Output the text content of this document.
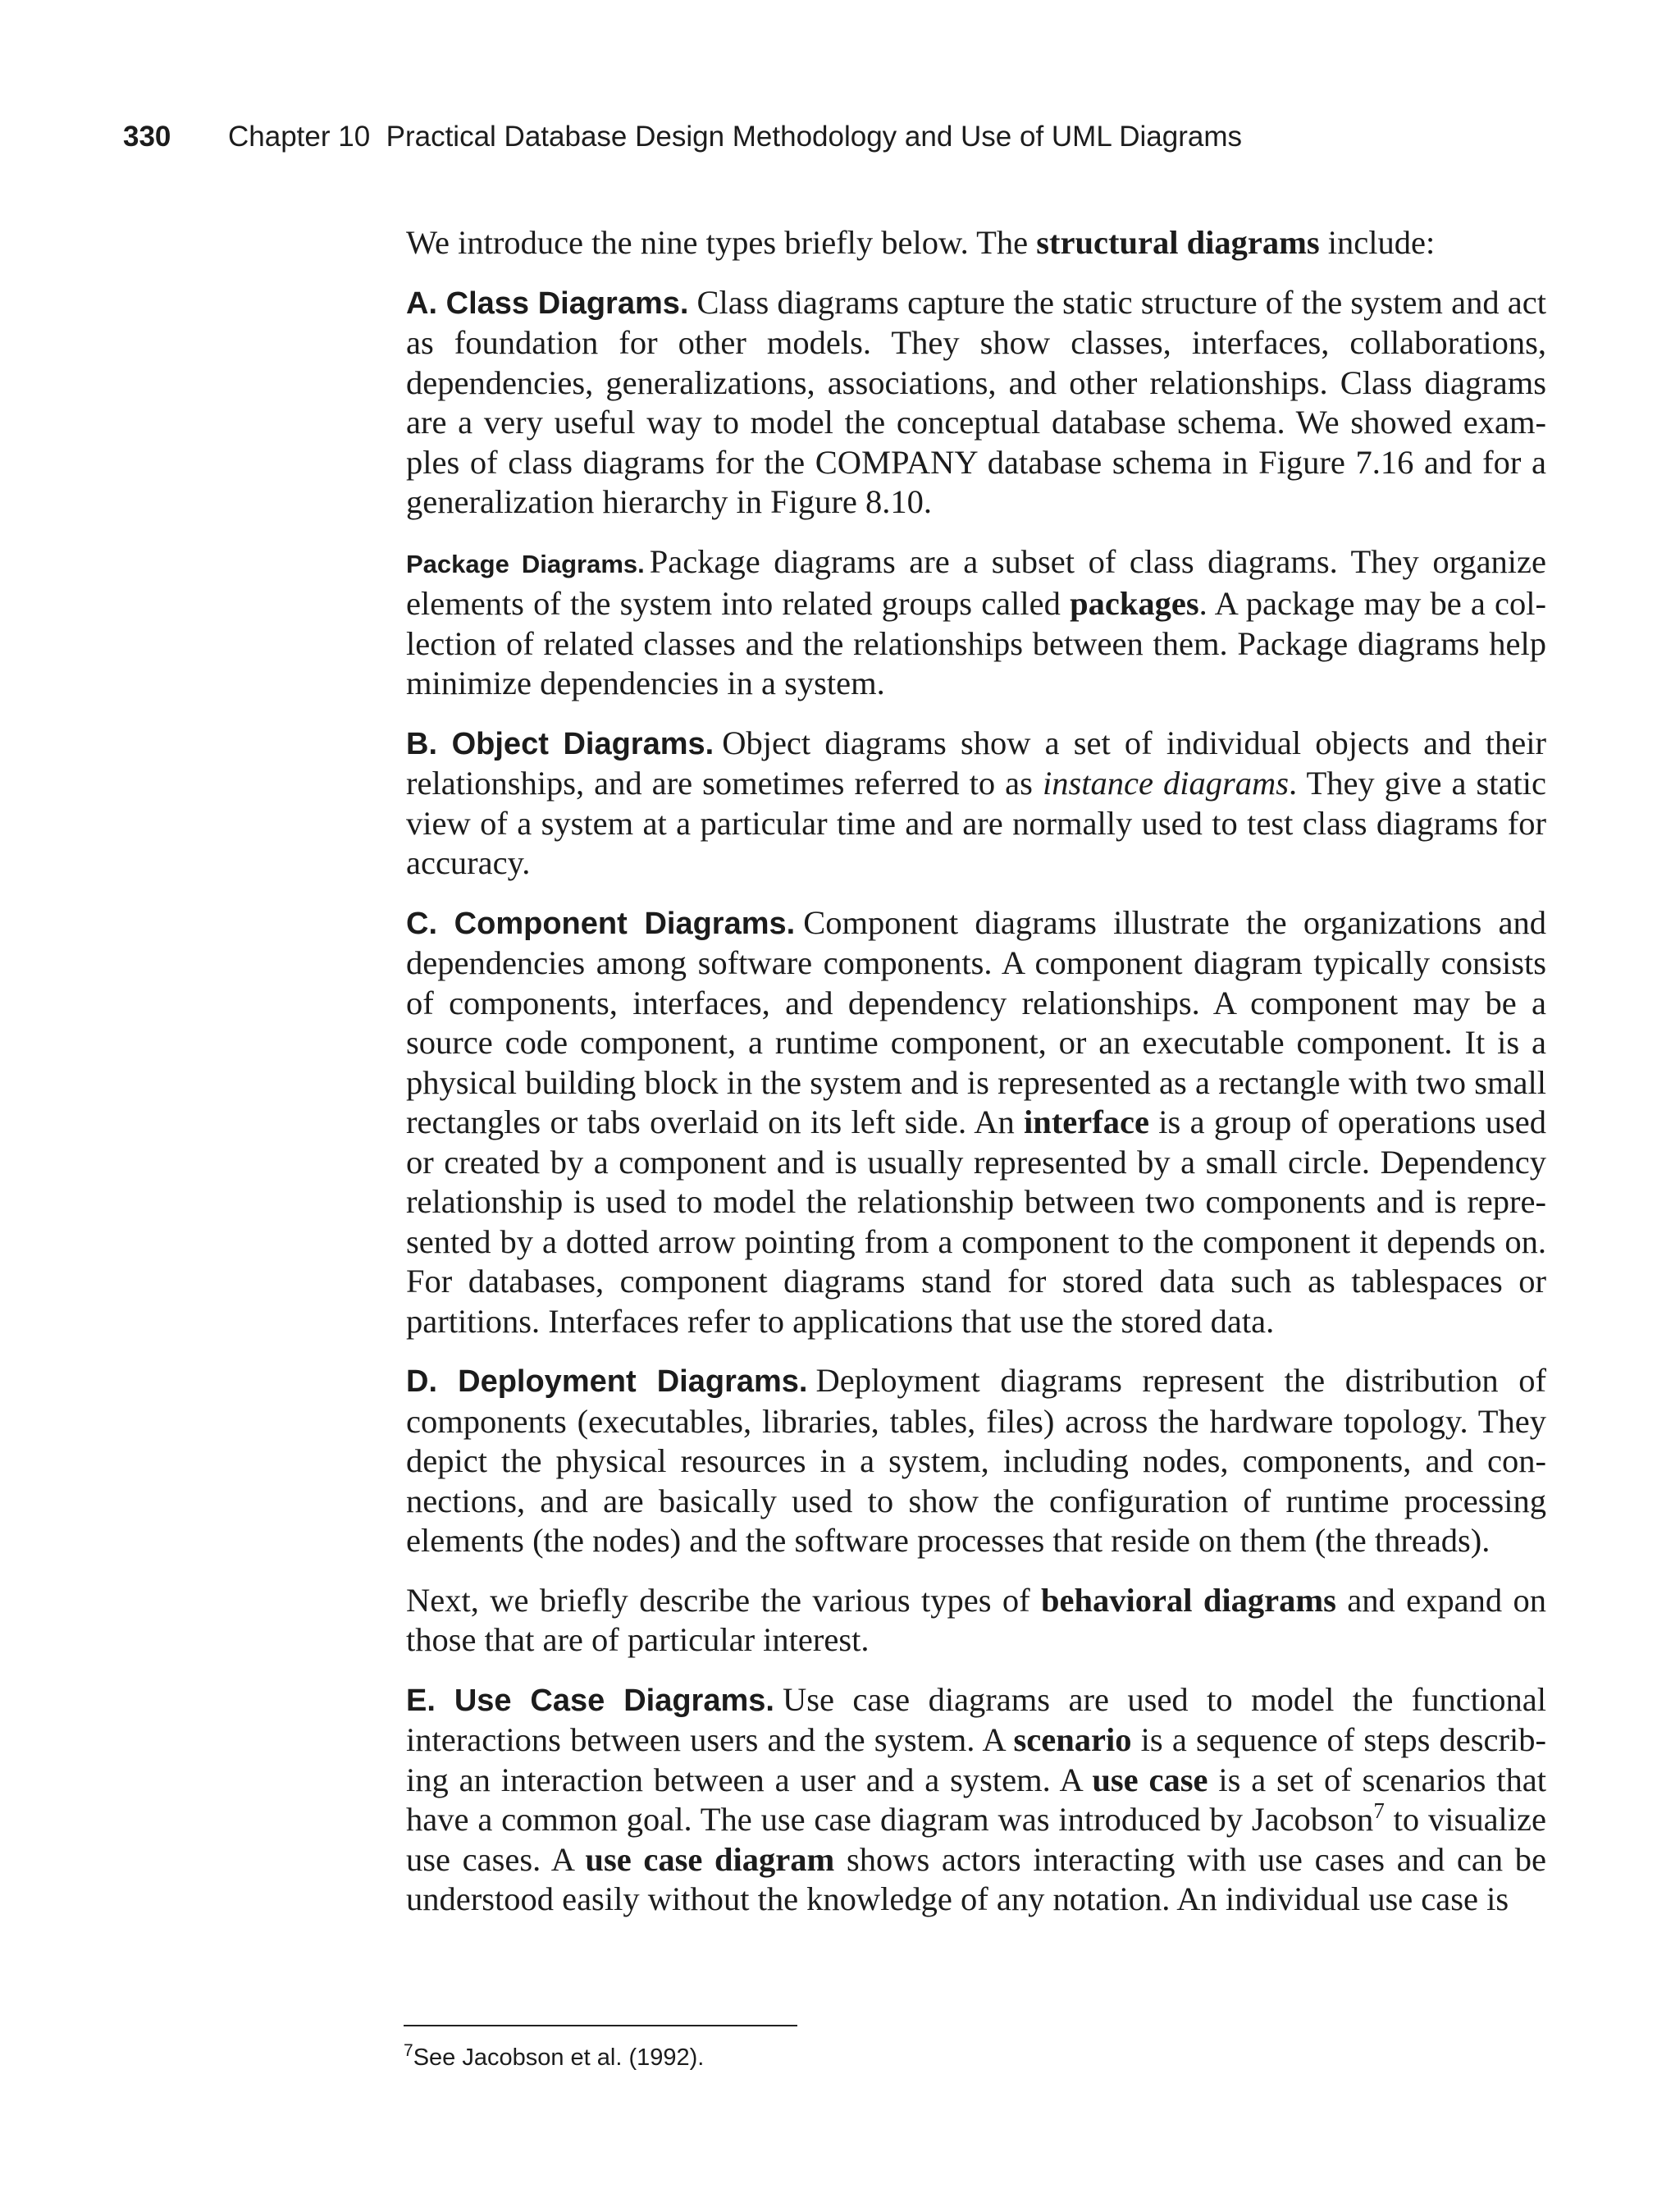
330 Chapter 10  Practical Database Design Methodology and Use of UML Diagrams

We introduce the nine types briefly below. The structural diagrams include:

A. Class Diagrams. Class diagrams capture the static structure of the system and act as foundation for other models. They show classes, interfaces, collaborations, dependencies, generalizations, associations, and other relationships. Class diagrams are a very useful way to model the conceptual database schema. We showed examples of class diagrams for the COMPANY database schema in Figure 7.16 and for a generalization hierarchy in Figure 8.10.

Package Diagrams. Package diagrams are a subset of class diagrams. They organize elements of the system into related groups called packages. A package may be a collection of related classes and the relationships between them. Package diagrams help minimize dependencies in a system.

B. Object Diagrams. Object diagrams show a set of individual objects and their relationships, and are sometimes referred to as instance diagrams. They give a static view of a system at a particular time and are normally used to test class diagrams for accuracy.

C. Component Diagrams. Component diagrams illustrate the organizations and dependencies among software components. A component diagram typically consists of components, interfaces, and dependency relationships. A component may be a source code component, a runtime component, or an executable component. It is a physical building block in the system and is represented as a rectangle with two small rectangles or tabs overlaid on its left side. An interface is a group of operations used or created by a component and is usually represented by a small circle. Dependency relationship is used to model the relationship between two components and is represented by a dotted arrow pointing from a component to the component it depends on. For databases, component diagrams stand for stored data such as tablespaces or partitions. Interfaces refer to applications that use the stored data.

D. Deployment Diagrams. Deployment diagrams represent the distribution of components (executables, libraries, tables, files) across the hardware topology. They depict the physical resources in a system, including nodes, components, and connections, and are basically used to show the configuration of runtime processing elements (the nodes) and the software processes that reside on them (the threads).

Next, we briefly describe the various types of behavioral diagrams and expand on those that are of particular interest.

E. Use Case Diagrams. Use case diagrams are used to model the functional interactions between users and the system. A scenario is a sequence of steps describing an interaction between a user and a system. A use case is a set of scenarios that have a common goal. The use case diagram was introduced by Jacobson$^7$ to visualize use cases. A use case diagram shows actors interacting with use cases and can be understood easily without the knowledge of any notation. An individual use case is

$^7$See Jacobson et al. (1992).
